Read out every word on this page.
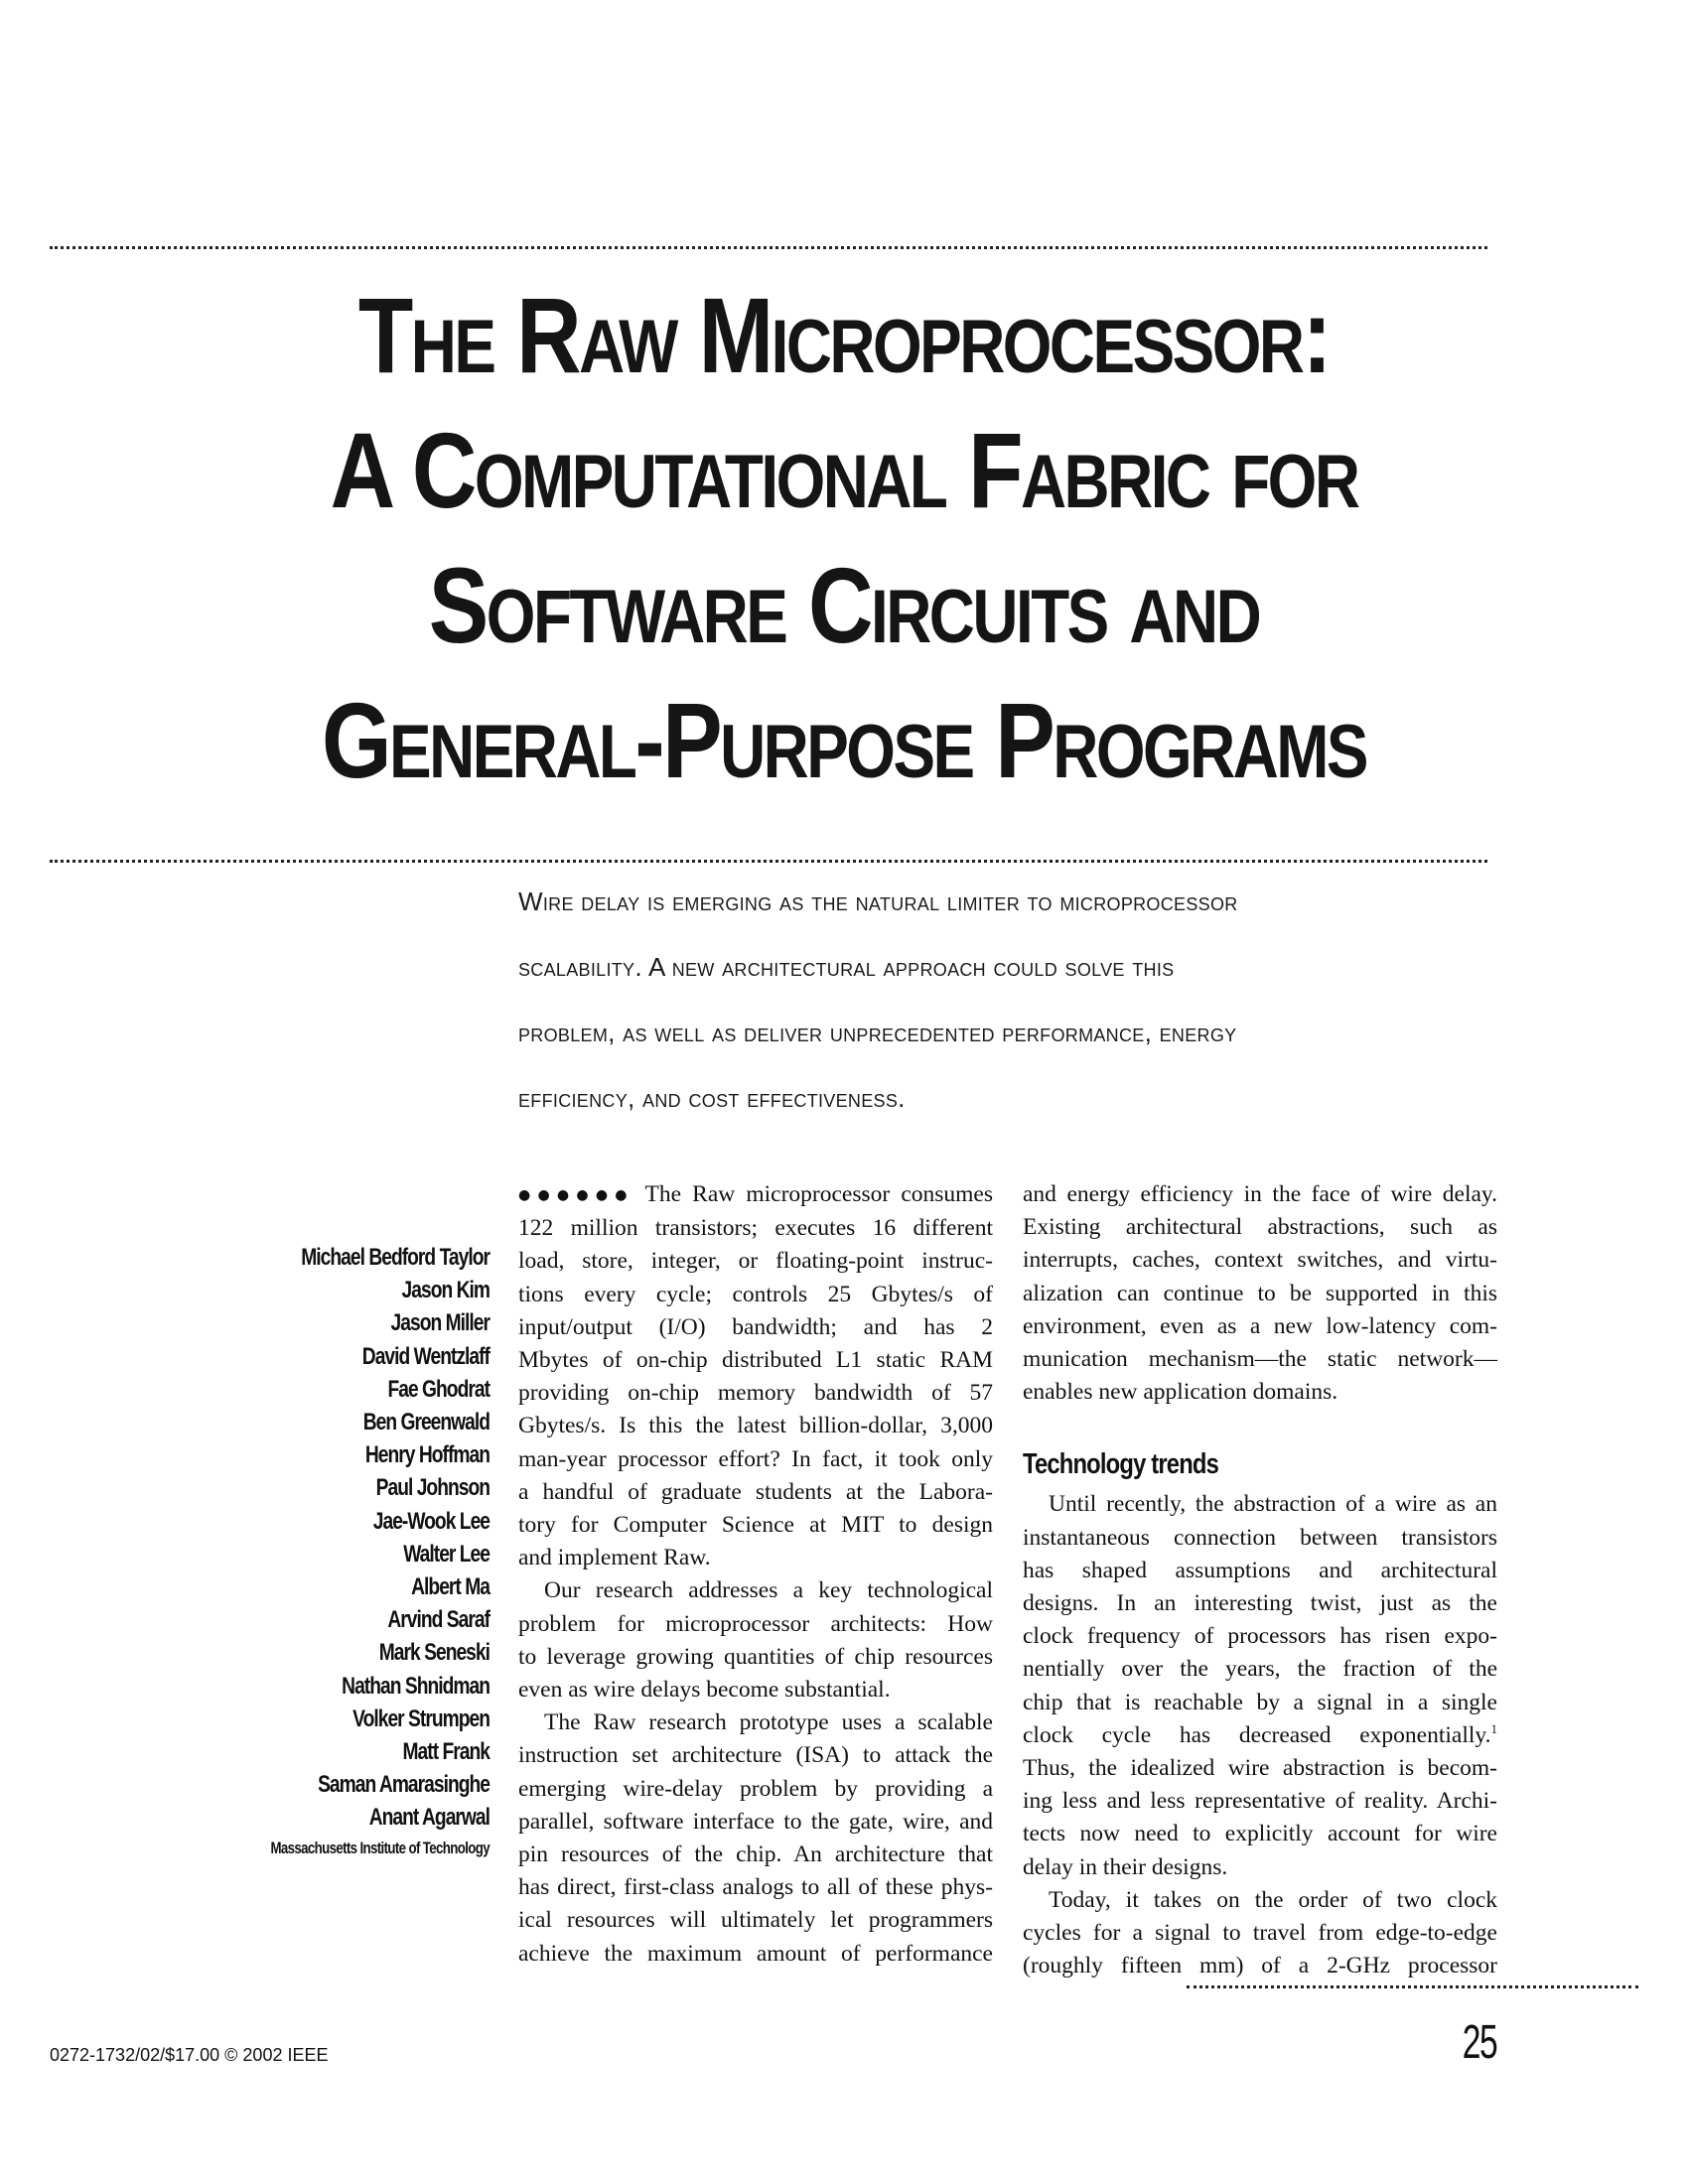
The Raw Microprocessor:
A Computational Fabric for
Software Circuits and
General-Purpose Programs

Wire delay is emerging as the natural limiter to microprocessor
scalability. A new architectural approach could solve this
problem, as well as deliver unprecedented performance, energy
efficiency, and cost effectiveness.

Michael Bedford Taylor
Jason Kim
Jason Miller
David Wentzlaff
Fae Ghodrat
Ben Greenwald
Henry Hoffman
Paul Johnson
Jae-Wook Lee
Walter Lee
Albert Ma
Arvind Saraf
Mark Seneski
Nathan Shnidman
Volker Strumpen
Matt Frank
Saman Amarasinghe
Anant Agarwal
Massachusetts Institute of Technology
●●●●●● The Raw microprocessor consumes
122 million transistors; executes 16 different
load, store, integer, or floating-point instruc-
tions every cycle; controls 25 Gbytes/s of
input/output (I/O) bandwidth; and has 2
Mbytes of on-chip distributed L1 static RAM
providing on-chip memory bandwidth of 57
Gbytes/s. Is this the latest billion-dollar, 3,000
man-year processor effort? In fact, it took only
a handful of graduate students at the Labora-
tory for Computer Science at MIT to design
and implement Raw.
Our research addresses a key technological
problem for microprocessor architects: How
to leverage growing quantities of chip resources
even as wire delays become substantial.
The Raw research prototype uses a scalable
instruction set architecture (ISA) to attack the
emerging wire-delay problem by providing a
parallel, software interface to the gate, wire, and
pin resources of the chip. An architecture that
has direct, first-class analogs to all of these phys-
ical resources will ultimately let programmers
achieve the maximum amount of performance
and energy efficiency in the face of wire delay.
Existing architectural abstractions, such as
interrupts, caches, context switches, and virtu-
alization can continue to be supported in this
environment, even as a new low-latency com-
munication mechanism—the static network—
enables new application domains.
Technology trends
Until recently, the abstraction of a wire as an
instantaneous connection between transistors
has shaped assumptions and architectural
designs. In an interesting twist, just as the
clock frequency of processors has risen expo-
nentially over the years, the fraction of the
chip that is reachable by a signal in a single
clock cycle has decreased exponentially.$^1$
Thus, the idealized wire abstraction is becom-
ing less and less representative of reality. Archi-
tects now need to explicitly account for wire
delay in their designs.
Today, it takes on the order of two clock
cycles for a signal to travel from edge-to-edge
(roughly fifteen mm) of a 2-GHz processor
0272-1732/02/$17.00 © 2002 IEEE	25
